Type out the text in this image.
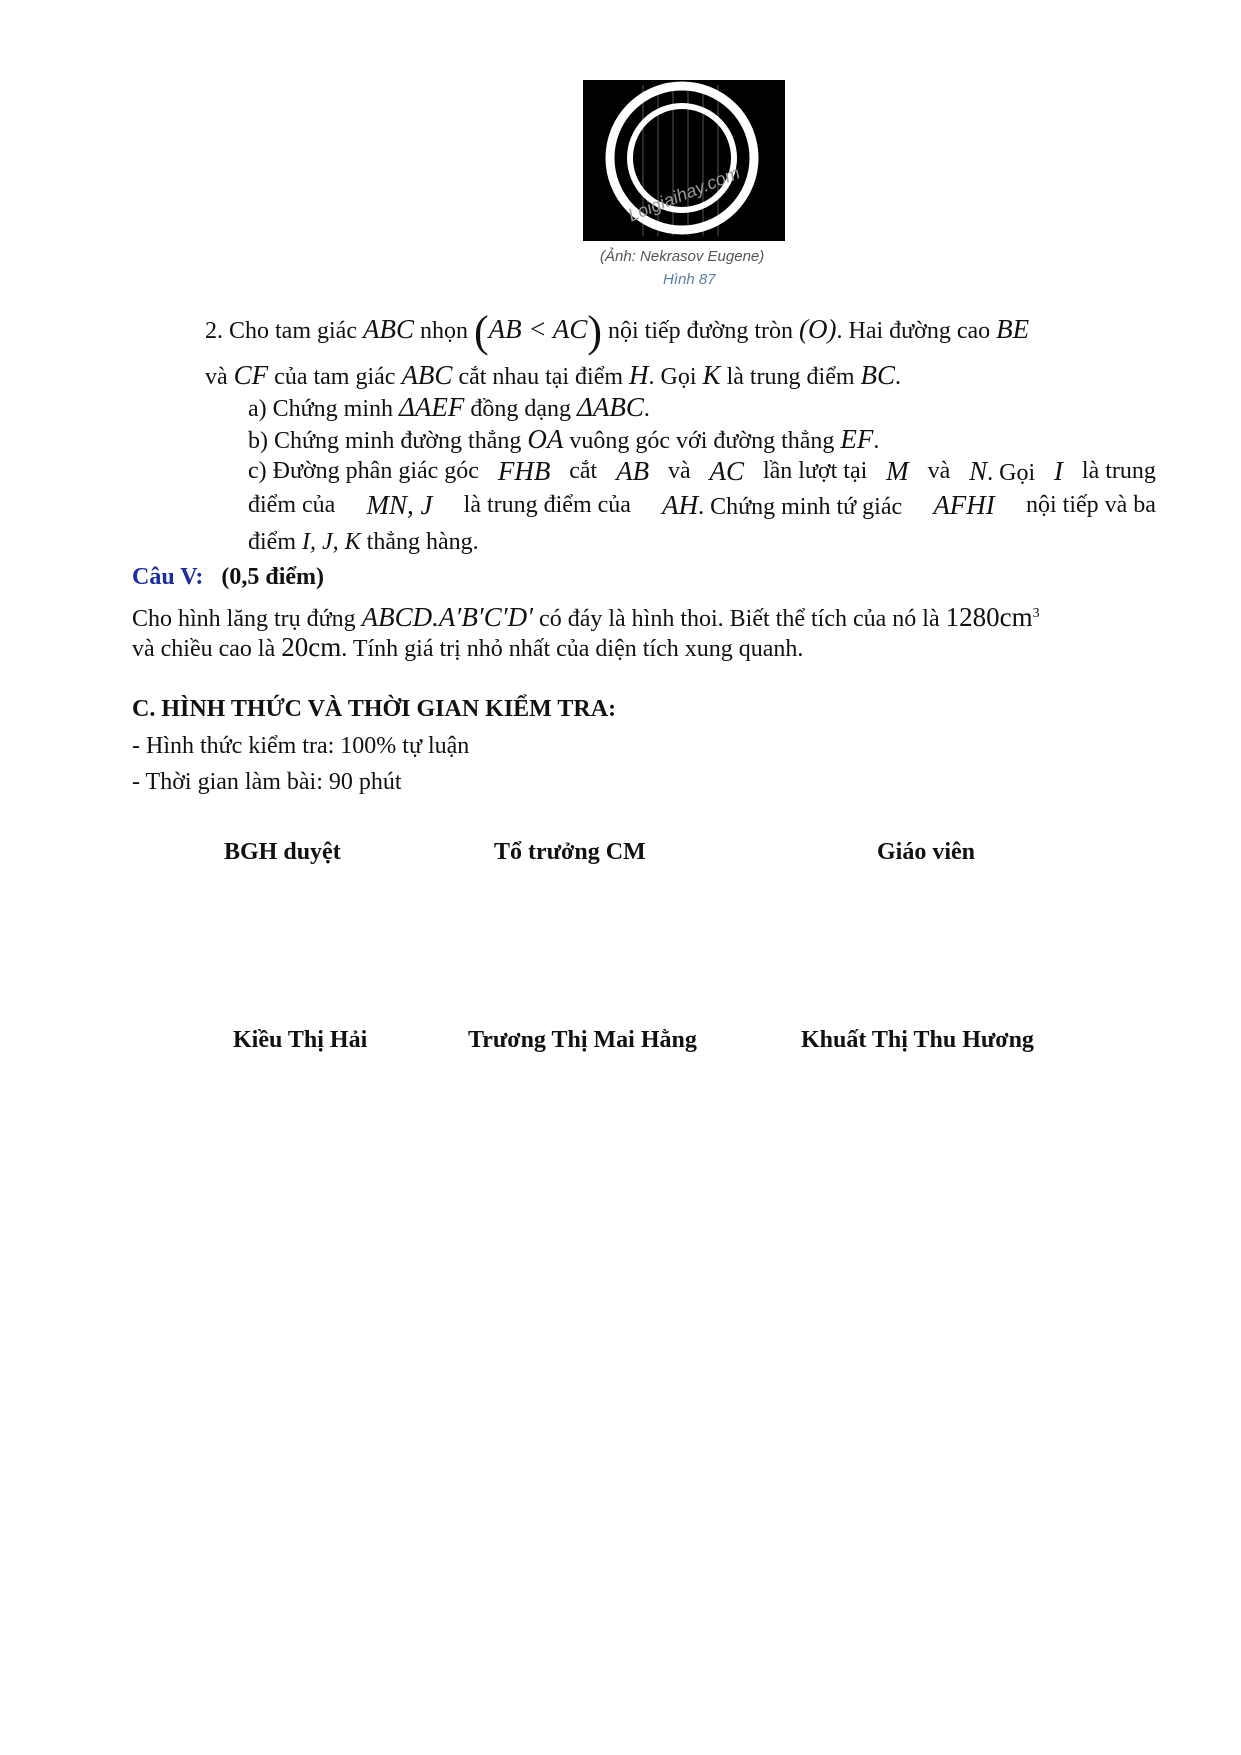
Loigiaihay.com
(Ảnh: Nekrasov Eugene)
Hình 87
2. Cho tam giác ABC nhọn (AB < AC) nội tiếp đường tròn (O). Hai đường cao BE
và CF của tam giác ABC cắt nhau tại điểm H. Gọi K là trung điểm BC.
a) Chứng minh ΔAEF đồng dạng ΔABC.
b) Chứng minh đường thẳng OA vuông góc với đường thẳng EF.
c) Đường phân giác góc FHB cắt AB và AC lần lượt tại M và N. Gọi I là trung
điểm của MN, J là trung điểm của AH. Chứng minh tứ giác AFHI nội tiếp và ba
điểm I, J, K thẳng hàng.
Câu V: (0,5 điểm)
Cho hình lăng trụ đứng ABCD.A′B′C′D′ có đáy là hình thoi. Biết thể tích của nó là $1280cm^3$
và chiều cao là 20cm. Tính giá trị nhỏ nhất của diện tích xung quanh.
C. HÌNH THỨC VÀ THỜI GIAN KIỂM TRA:
- Hình thức kiểm tra: 100% tự luận
- Thời gian làm bài: 90 phút
BGH duyệt	Tổ trưởng CM	Giáo viên
Kiều Thị Hải	Trương Thị Mai Hằng	Khuất Thị Thu Hương
